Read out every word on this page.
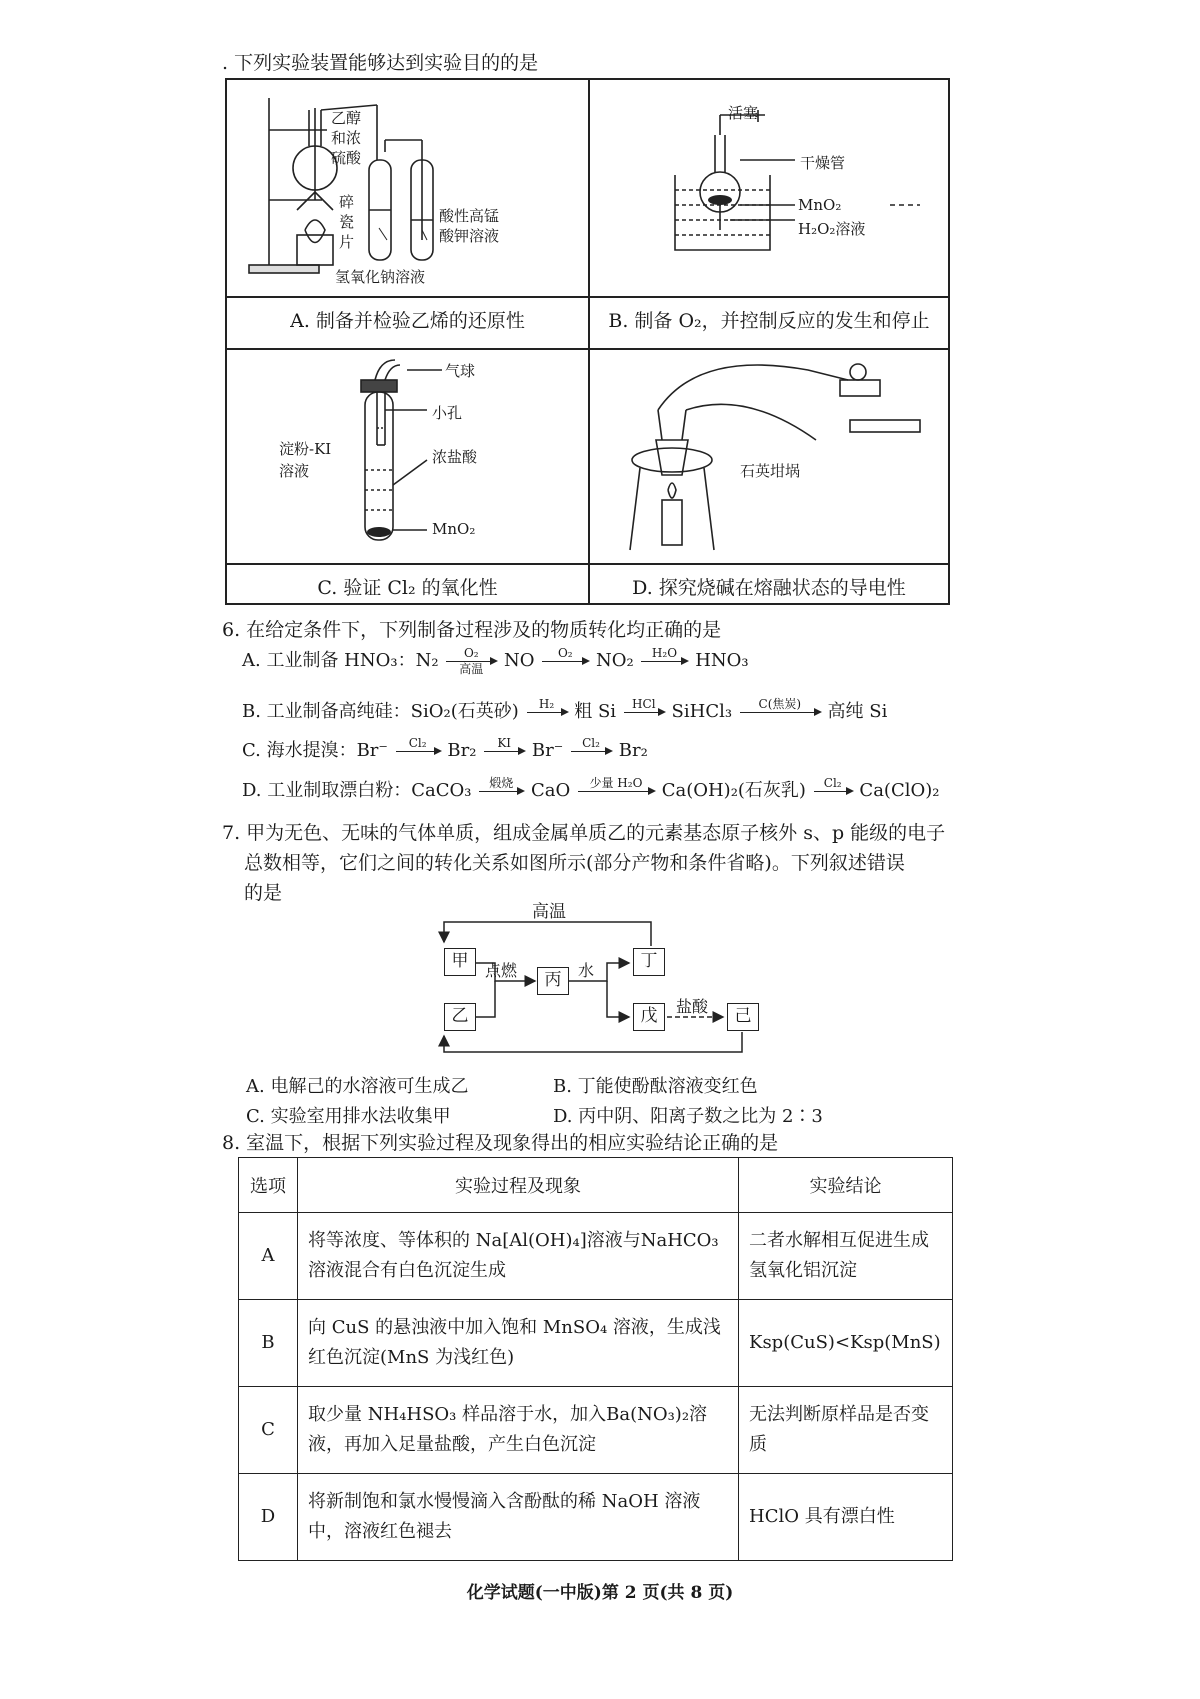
. 下列实验装置能够达到实验目的的是
乙醇
和浓
硫酸
碎
瓷
片
酸性高锰
酸钾溶液
氢氧化钠溶液
A. 制备并检验乙烯的还原性
活塞
干燥管
MnO₂
H₂O₂溶液
B. 制备 O₂，并控制反应的发生和停止
气球
小孔
淀粉-KI
溶液
浓盐酸
MnO₂
C. 验证 Cl₂ 的氧化性
石英坩埚
D. 探究烧碱在熔融状态的导电性
6. 在给定条件下，下列制备过程涉及的物质转化均正确的是
A. 工业制备 HNO₃：N₂	O₂
高温	NO	O₂	NO₂	H₂O	HNO₃
B. 工业制备高纯硅：SiO₂(石英砂)	H₂	粗 Si	HCl SiHCl₃	C(焦炭)	高纯 Si
C. 海水提溴：Br⁻	Cl₂	Br₂	KI	Br⁻	Cl₂	Br₂
D. 工业制取漂白粉：CaCO₃	煅烧 CaO	少量 H₂O	Ca(OH)₂(石灰乳)	Cl₂ Ca(ClO)₂
7. 甲为无色、无味的气体单质，组成金属单质乙的元素基态原子核外 s、p 能级的电子
总数相等，它们之间的转化关系如图所示(部分产物和条件省略)。下列叙述错误
的是
高温
点燃	水
盐酸
甲
乙
丙
丁
戊	己
A. 电解己的水溶液可生成乙	B. 丁能使酚酞溶液变红色
C. 实验室用排水法收集甲	D. 丙中阴、阳离子数之比为 2∶3
8. 室温下，根据下列实验过程及现象得出的相应实验结论正确的是
选项	实验过程及现象	实验结论
A	将等浓度、等体积的 Na[Al(OH)₄]溶液与NaHCO₃ 溶液混合有白色沉淀生成	二者水解相互促进生成氢氧化铝沉淀
B	向 CuS 的悬浊液中加入饱和 MnSO₄ 溶液，生成浅红色沉淀(MnS 为浅红色)	Ksp(CuS)<Ksp(MnS)
C	取少量 NH₄HSO₃ 样品溶于水，加入Ba(NO₃)₂溶液，再加入足量盐酸，产生白色沉淀	无法判断原样品是否变质
D	将新制饱和氯水慢慢滴入含酚酞的稀 NaOH 溶液中，溶液红色褪去	HClO 具有漂白性
化学试题(一中版)第 2 页(共 8 页)
